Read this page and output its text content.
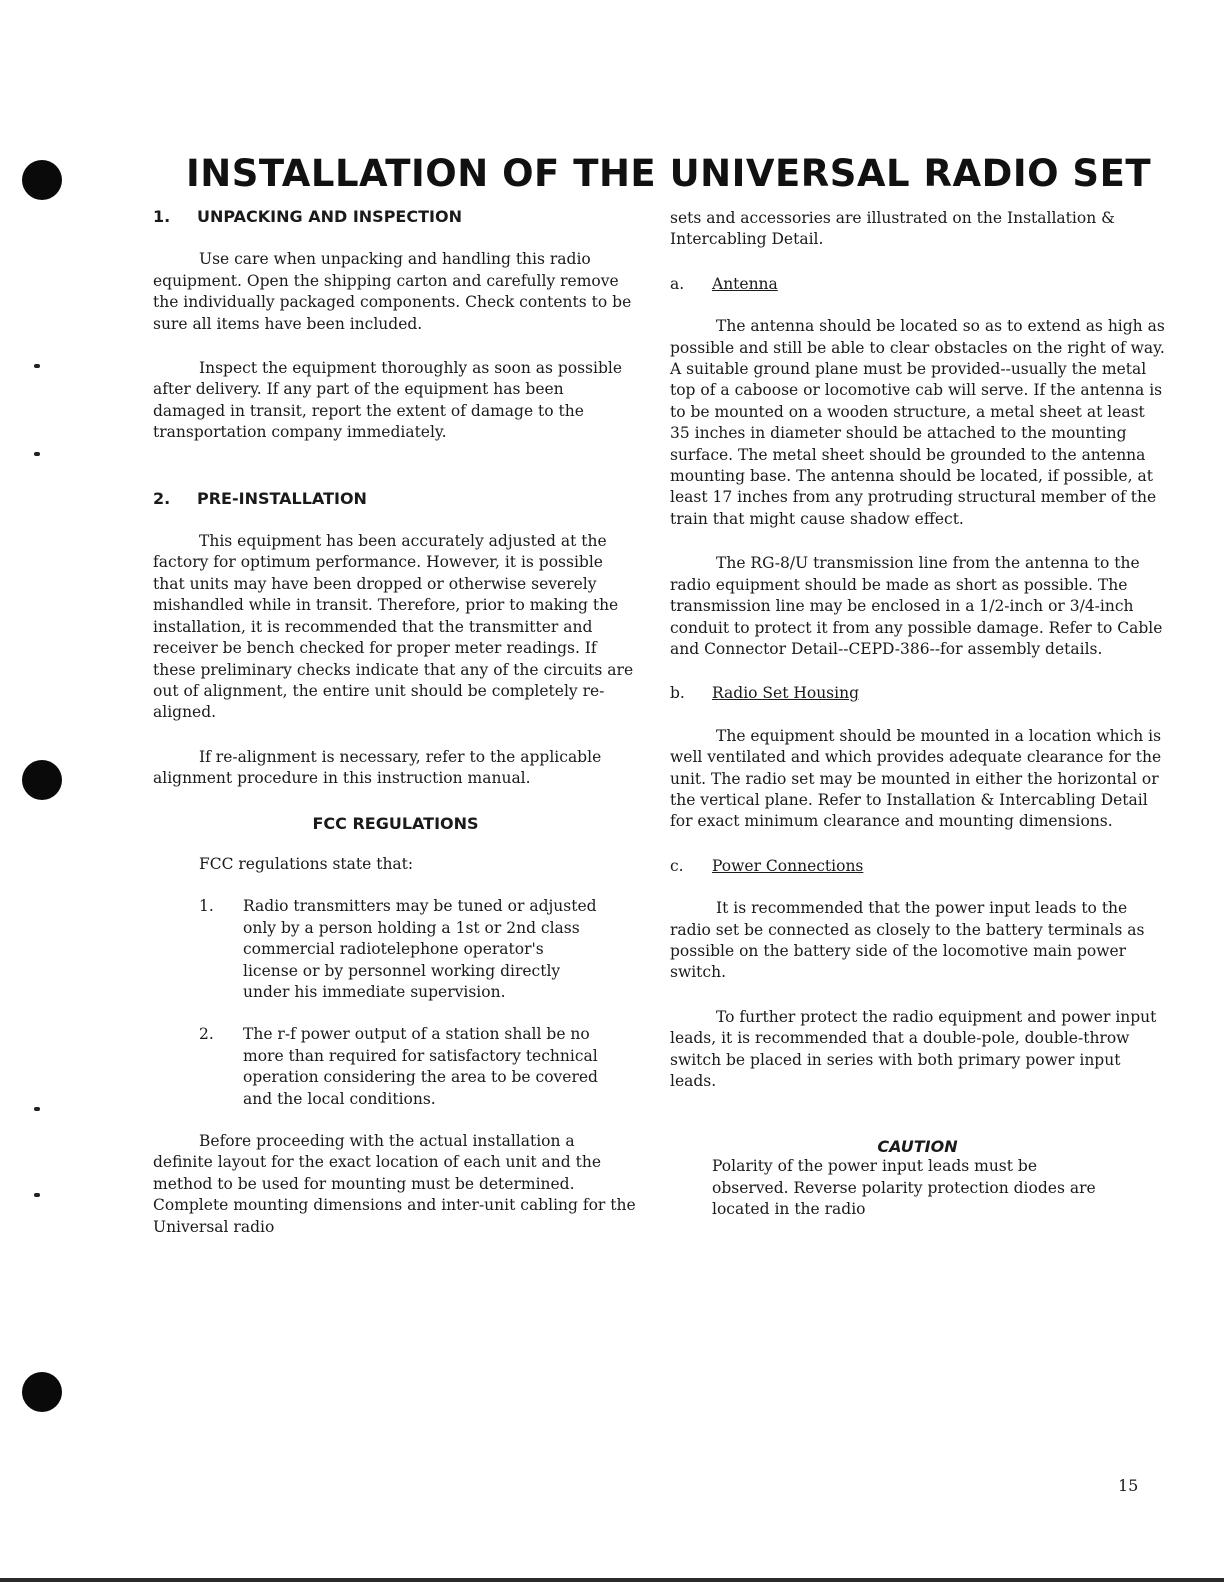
INSTALLATION OF THE UNIVERSAL RADIO SET
1. UNPACKING AND INSPECTION

Use care when unpacking and handling this radio equipment. Open the shipping carton and carefully remove the individually packaged components. Check contents to be sure all items have been included.

Inspect the equipment thoroughly as soon as possible after delivery. If any part of the equipment has been damaged in transit, report the extent of damage to the transportation company immediately.

2. PRE-INSTALLATION

This equipment has been accurately adjusted at the factory for optimum performance. However, it is possible that units may have been dropped or otherwise severely mishandled while in transit. Therefore, prior to making the installation, it is recommended that the transmitter and receiver be bench checked for proper meter readings. If these preliminary checks indicate that any of the circuits are out of alignment, the entire unit should be completely re-aligned.

If re-alignment is necessary, refer to the applicable alignment procedure in this instruction manual.

FCC REGULATIONS
FCC regulations state that:
1.	Radio transmitters may be tuned or adjusted only by a person holding a 1st or 2nd class commercial radiotelephone operator's license or by personnel working directly under his immediate supervision.
2.	The r-f power output of a station shall be no more than required for satisfactory technical operation considering the area to be covered and the local conditions.

Before proceeding with the actual installation a definite layout for the exact location of each unit and the method to be used for mounting must be determined. Complete mounting dimensions and inter-unit cabling for the Universal radio

sets and accessories are illustrated on the Installation & Intercabling Detail.

a. Antenna

The antenna should be located so as to extend as high as possible and still be able to clear obstacles on the right of way. A suitable ground plane must be provided--usually the metal top of a caboose or locomotive cab will serve. If the antenna is to be mounted on a wooden structure, a metal sheet at least 35 inches in diameter should be attached to the mounting surface. The metal sheet should be grounded to the antenna mounting base. The antenna should be located, if possible, at least 17 inches from any protruding structural member of the train that might cause shadow effect.

The RG-8/U transmission line from the antenna to the radio equipment should be made as short as possible. The transmission line may be enclosed in a 1/2-inch or 3/4-inch conduit to protect it from any possible damage. Refer to Cable and Connector Detail--CEPD-386--for assembly details.

b. Radio Set Housing

The equipment should be mounted in a location which is well ventilated and which provides adequate clearance for the unit. The radio set may be mounted in either the horizontal or the vertical plane. Refer to Installation & Intercabling Detail for exact minimum clearance and mounting dimensions.

c. Power Connections

It is recommended that the power input leads to the radio set be connected as closely to the battery terminals as possible on the battery side of the locomotive main power switch.

To further protect the radio equipment and power input leads, it is recommended that a double-pole, double-throw switch be placed in series with both primary power input leads.

CAUTION
Polarity of the power input leads must be observed. Reverse polarity protection diodes are located in the radio
15
